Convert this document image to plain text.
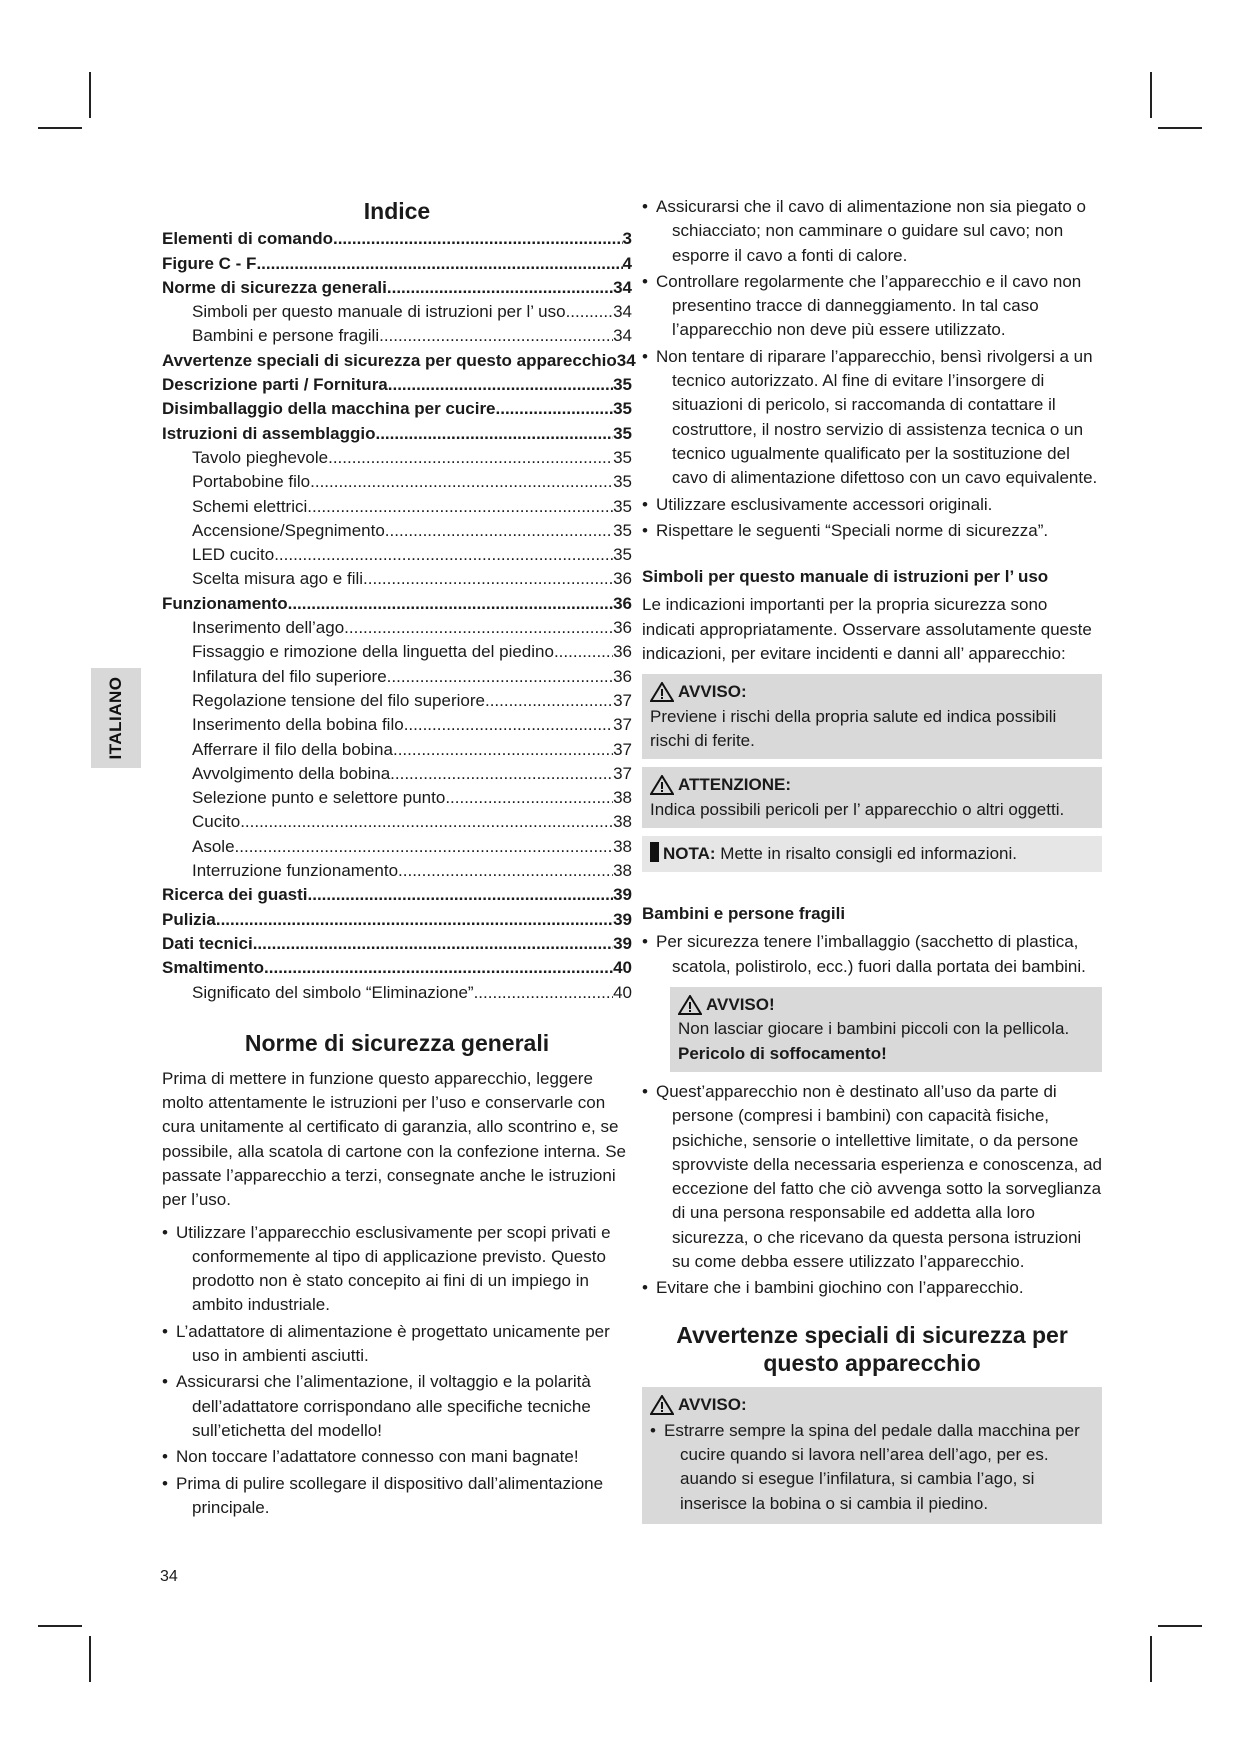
ITALIANO
Indice
Elementi di comando .....	3
Figure C - F .....	4
Norme di sicurezza generali .....	34
Simboli per questo manuale di istruzioni per l’ uso .....	34
Bambini e persone fragili .....	34
Avvertenze speciali di sicurezza per questo apparecchio 34
Descrizione parti / Fornitura .....	35
Disimballaggio della macchina per cucire .....	35
Istruzioni di assemblaggio .....	35
Tavolo pieghevole .....	35
Portabobine filo .....	35
Schemi elettrici .....	35
Accensione/Spegnimento .....	35
LED cucito .....	35
Scelta misura ago e fili .....	36
Funzionamento .....	36
Inserimento dell’ago .....	36
Fissaggio e rimozione della linguetta del piedino .....	36
Infilatura del filo superiore .....	36
Regolazione tensione del filo superiore .....	37
Inserimento della bobina filo .....	37
Afferrare il filo della bobina .....	37
Avvolgimento della bobina .....	37
Selezione punto e selettore punto .....	38
Cucito .....	38
Asole .....	38
Interruzione funzionamento .....	38
Ricerca dei guasti .....	39
Pulizia .....	39
Dati tecnici .....	39
Smaltimento .....	40
Significato del simbolo “Eliminazione” .....	40
Norme di sicurezza generali

Prima di mettere in funzione questo apparecchio, leggere molto attentamente le istruzioni per l’uso e conservarle con cura unitamente al certificato di garanzia, allo scontrino e, se possibile, alla scatola di cartone con la confezione interna. Se passate l’apparecchio a terzi, consegnate anche le istruzioni per l’uso.

• Utilizzare l’apparecchio esclusivamente per scopi privati e conformemente al tipo di applicazione previsto. Questo prodotto non è stato concepito ai fini di un impiego in ambito industriale.
• L’adattatore di alimentazione è progettato unicamente per uso in ambienti asciutti.
• Assicurarsi che l’alimentazione, il voltaggio e la polarità dell’adattatore corrispondano alle specifiche tecniche sull’etichetta del modello!
• Non toccare l’adattatore connesso con mani bagnate!
• Prima di pulire scollegare il dispositivo dall’alimentazione principale.
• Assicurarsi che il cavo di alimentazione non sia piegato o schiacciato; non camminare o guidare sul cavo; non esporre il cavo a fonti di calore.
• Controllare regolarmente che l’apparecchio e il cavo non presentino tracce di danneggiamento. In tal caso l’apparecchio non deve più essere utilizzato.
• Non tentare di riparare l’apparecchio, bensì rivolgersi a un tecnico autorizzato. Al fine di evitare l’insorgere di situazioni di pericolo, si raccomanda di contattare il costruttore, il nostro servizio di assistenza tecnica o un tecnico ugualmente qualificato per la sostituzione del cavo di alimentazione difettoso con un cavo equivalente.
• Utilizzare esclusivamente accessori originali.
• Rispettare le seguenti “Speciali norme di sicurezza”.
Simboli per questo manuale di istruzioni per l’ uso

Le indicazioni importanti per la propria sicurezza sono indicati appropriatamente. Osservare assolutamente queste indicazioni, per evitare incidenti e danni all’ apparecchio:

AVVISO:
Previene i rischi della propria salute ed indica possibili rischi di ferite.
ATTENZIONE:
Indica possibili pericoli per l’ apparecchio o altri oggetti.
NOTA: Mette in risalto consigli ed informazioni.
Bambini e persone fragili
• Per sicurezza tenere l’imballaggio (sacchetto di plastica, scatola, polistirolo, ecc.) fuori dalla portata dei bambini.
AVVISO!
Non lasciar giocare i bambini piccoli con la pellicola.
Pericolo di soffocamento!
• Quest’apparecchio non è destinato all’uso da parte di persone (compresi i bambini) con capacità fisiche, psichiche, sensorie o intellettive limitate, o da persone sprovviste della necessaria esperienza e conoscenza, ad eccezione del fatto che ciò avvenga sotto la sorveglianza di una persona responsabile ed addetta alla loro sicurezza, o che ricevano da questa persona istruzioni su come debba essere utilizzato l’apparecchio.
• Evitare che i bambini giochino con l’apparecchio.
Avvertenze speciali di sicurezza per questo apparecchio
AVVISO:
• Estrarre sempre la spina del pedale dalla macchina per cucire quando si lavora nell’area dell’ago, per es. auando si esegue l’infilatura, si cambia l’ago, si inserisce la bobina o si cambia il piedino.
34
